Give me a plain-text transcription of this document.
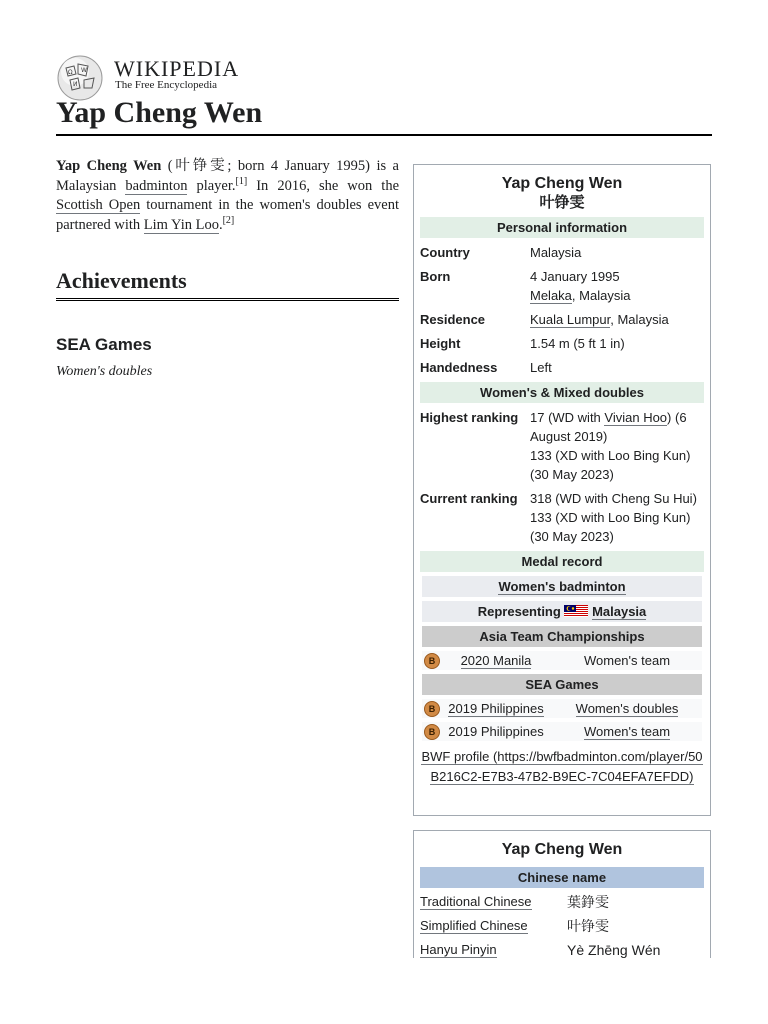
Ω W
И
WIKIPEDIA
The Free Encyclopedia
Yap Cheng Wen

Yap Cheng Wen (叶铮雯; born 4 January 1995) is a Malaysian badminton player.[1] In 2016, she won the Scottish Open tournament in the women's doubles event partnered with Lim Yin Loo.[2]

Achievements
SEA Games
Women's doubles
Yap Cheng Wen
叶铮雯
Personal information
Country	Malaysia
Born	4 January 1995
Melaka, Malaysia
Residence	Kuala Lumpur, Malaysia
Height	1.54 m (5 ft 1 in)
Handedness	Left
Women's & Mixed doubles
Highest ranking 17 (WD with Vivian Hoo) (6 August 2019)
133 (XD with Loo Bing Kun) (30 May 2023)
Current ranking 318 (WD with Cheng Su Hui)
133 (XD with Loo Bing Kun) (30 May 2023)
Medal record
Women's badminton
Representing Malaysia
Asia Team Championships
B	2020 Manila	Women's team
SEA Games
B	2019 Philippines	Women's doubles
B	2019 Philippines	Women's team
BWF profile (https://bwfbadminton.com/player/50B216C2-E7B3-47B2-B9EC-7C04EFA7EFDD)
Yap Cheng Wen
Chinese name
Traditional Chinese	葉錚雯
Simplified Chinese	叶铮雯
Hanyu Pinyin	Yè Zhēng Wén
